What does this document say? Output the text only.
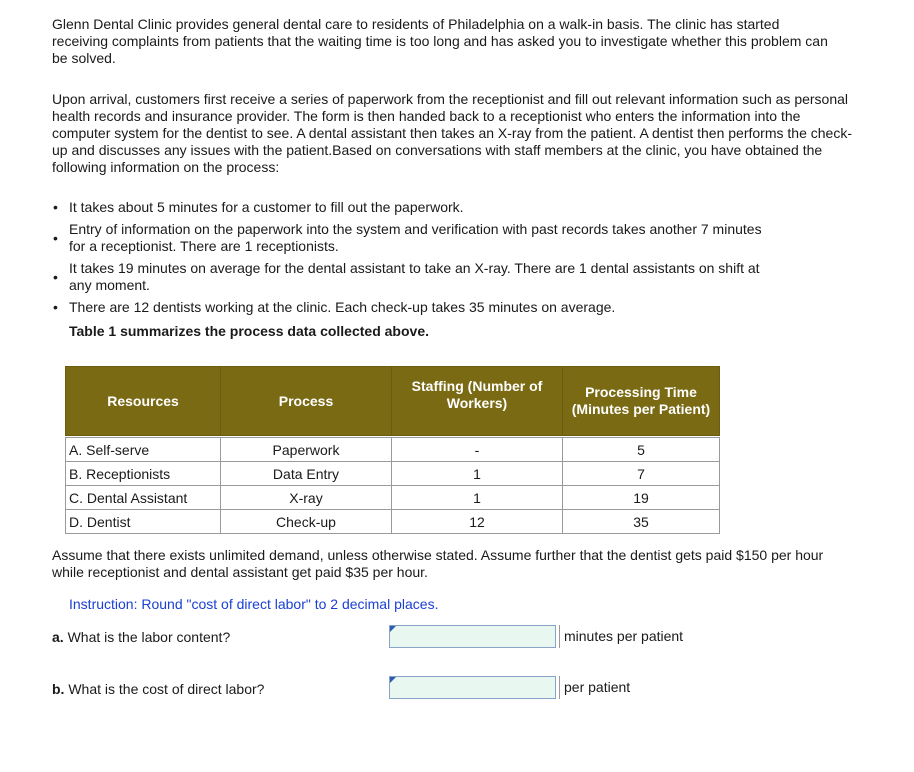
Glenn Dental Clinic provides general dental care to residents of Philadelphia on a walk-in basis. The clinic has started receiving complaints from patients that the waiting time is too long and has asked you to investigate whether this problem can be solved.

Upon arrival, customers first receive a series of paperwork from the receptionist and fill out relevant information such as personal health records and insurance provider. The form is then handed back to a receptionist who enters the information into the computer system for the dentist to see. A dental assistant then takes an X-ray from the patient. A dentist then performs the check-up and discusses any issues with the patient.Based on conversations with staff members at the clinic, you have obtained the following information on the process:

• It takes about 5 minutes for a customer to fill out the paperwork.
•
Entry of information on the paperwork into the system and verification with past records takes another 7 minutes for a receptionist. There are 1 receptionists.
•
It takes 19 minutes on average for the dental assistant to take an X-ray. There are 1 dental assistants on shift at any moment.
• There are 12 dentists working at the clinic. Each check-up takes 35 minutes on average.
Table 1 summarizes the process data collected above.
Resources	Process	Staffing (Number of Workers)	Processing Time (Minutes per Patient)

A. Self-serve	Paperwork	-	5
B. Receptionists	Data Entry	1	7
C. Dental Assistant	X-ray	1	19
D. Dentist	Check-up	12	35

Assume that there exists unlimited demand, unless otherwise stated. Assume further that the dentist gets paid $150 per hour while receptionist and dental assistant get paid $35 per hour.

Instruction: Round "cost of direct labor" to 2 decimal places.
a. What is the labor content?	minutes per patient
b. What is the cost of direct labor?	per patient
